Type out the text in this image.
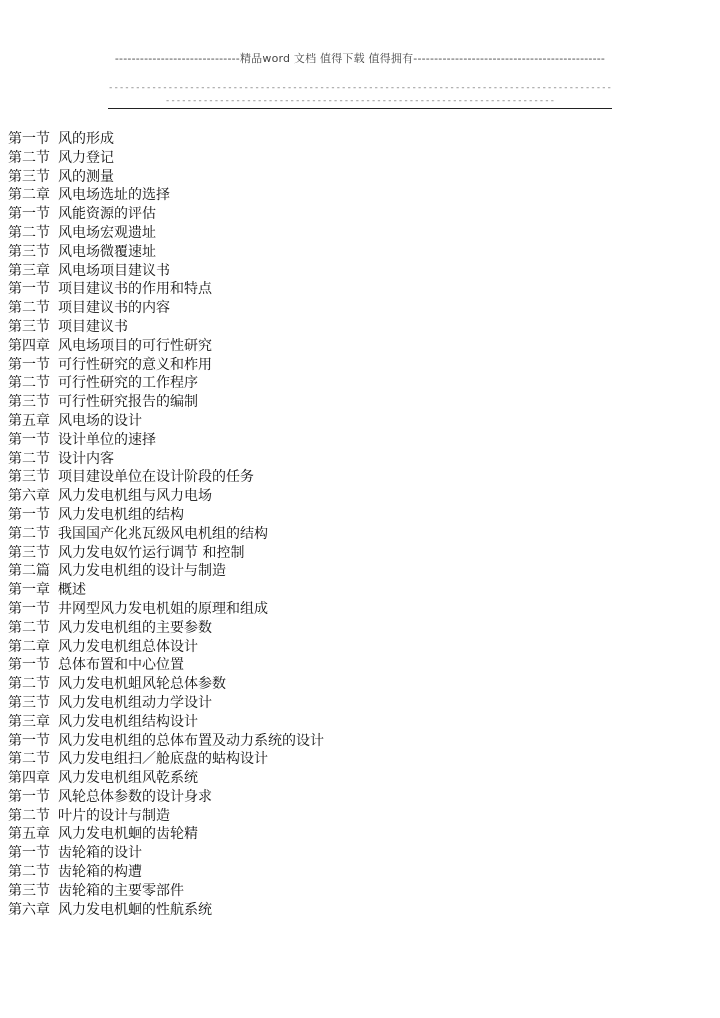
------------------------------精品word 文档 值得下载 值得拥有----------------------------------------------
---------------------------------------------------------------------------------------------------------------------------------------------------------------------
第一节 风的形成
第二节 风力登记
第三节 风的测量
第二章 风电场选址的选择
第一节 风能资源的评估
第二节 风电场宏观遗址
第三节 风电场微覆速址
第三章 风电场项目建议书
第一节 项目建议书的作用和特点
第二节 项目建议书的内容
第三节 项目建议书
第四章 风电场项目的可行性研究
第一节 可行性研究的意义和柞用
第二节 可行性研究的工作程序
第三节 可行性研究报告的编制
第五章 风电场的设计
第一节 设计单位的速择
第二节 设计内客
第三节 项目建设单位在设计阶段的任务
第六章 风力发电机组与风力电场
第一节 风力发电机组的结构
第二节 我国国产化兆瓦级风电机组的结构
第三节 风力发电奴竹运行调节 和控制
第二篇 风力发电机组的设计与制造
第一章 概述
第一节 井网型风力发电机姐的原理和组成
第二节 风力发电机组的主要参数
第二章 风力发电机组总体设计
第一节 总体布置和中心位置
第二节 风力发电机蛆风轮总体参数
第三节 风力发电机组动力学设计
第三章 风力发电机组结构设计
第一节 风力发电机组的总体布置及动力系统的设计
第二节 风力发电组扫／舱底盘的蛄构设计
第四章 风力发电机组风乾系统
第一节 风轮总体参数的设计身求
第二节 叶片的设计与制造
第五章 风力发电机蛔的齿轮精
第一节 齿轮箱的设计
第二节 齿轮箱的构遭
第三节 齿轮箱的主要零部件
第六章 风力发电机蛔的性航系统
